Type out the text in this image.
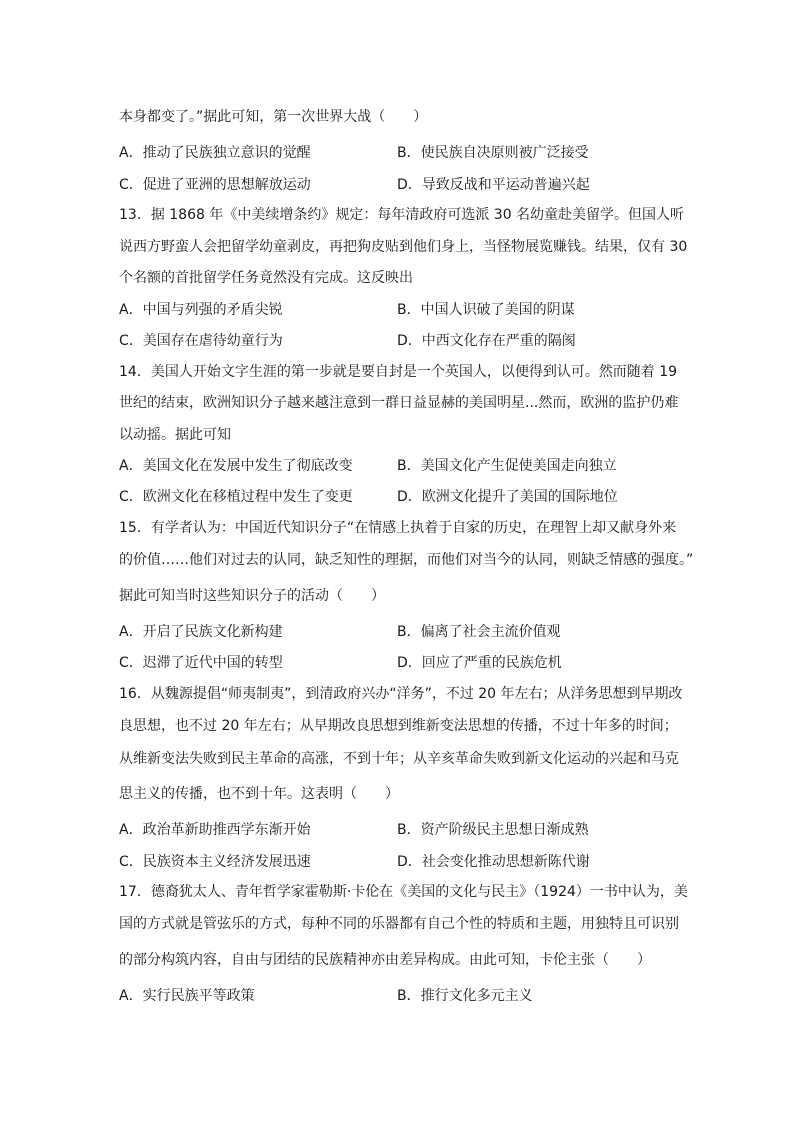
本身都变了。”据此可知，第一次世界大战（　　）
A．推动了民族独立意识的觉醒	B．使民族自决原则被广泛接受
C．促进了亚洲的思想解放运动	D．导致反战和平运动普遍兴起
13．据 1868 年《中美续增条约》规定：每年清政府可选派 30 名幼童赴美留学。但国人听
说西方野蛮人会把留学幼童剥皮，再把狗皮贴到他们身上，当怪物展览赚钱。结果，仅有 30
个名额的首批留学任务竟然没有完成。这反映出
A．中国与列强的矛盾尖锐	B．中国人识破了美国的阴谋
C．美国存在虐待幼童行为	D．中西文化存在严重的隔阂
14．美国人开始文字生涯的第一步就是要自封是一个英国人，以便得到认可。然而随着 19
世纪的结束，欧洲知识分子越来越注意到一群日益显赫的美国明星...然而，欧洲的监护仍难
以动摇。据此可知
A．美国文化在发展中发生了彻底改变	B．美国文化产生促使美国走向独立
C．欧洲文化在移植过程中发生了变更	D．欧洲文化提升了美国的国际地位
15．有学者认为：中国近代知识分子“在情感上执着于自家的历史，在理智上却又献身外来
的价值……他们对过去的认同，缺乏知性的理据，而他们对当今的认同，则缺乏情感的强度。”
据此可知当时这些知识分子的活动（　　）
A．开启了民族文化新构建	B．偏离了社会主流价值观
C．迟滞了近代中国的转型	D．回应了严重的民族危机
16．从魏源提倡“师夷制夷”，到清政府兴办“洋务”，不过 20 年左右；从洋务思想到早期改
良思想，也不过 20 年左右；从早期改良思想到维新变法思想的传播，不过十年多的时间；
从维新变法失败到民主革命的高涨，不到十年；从辛亥革命失败到新文化运动的兴起和马克
思主义的传播，也不到十年。这表明（　　）
A．政治革新助推西学东渐开始	B．资产阶级民主思想日渐成熟
C．民族资本主义经济发展迅速	D．社会变化推动思想新陈代谢
17．德裔犹太人、青年哲学家霍勒斯·卡伦在《美国的文化与民主》（1924）一书中认为，美
国的方式就是管弦乐的方式，每种不同的乐器都有自己个性的特质和主题，用独特且可识别
的部分构筑内容，自由与团结的民族精神亦由差异构成。由此可知，卡伦主张（　　）
A．实行民族平等政策	B．推行文化多元主义
